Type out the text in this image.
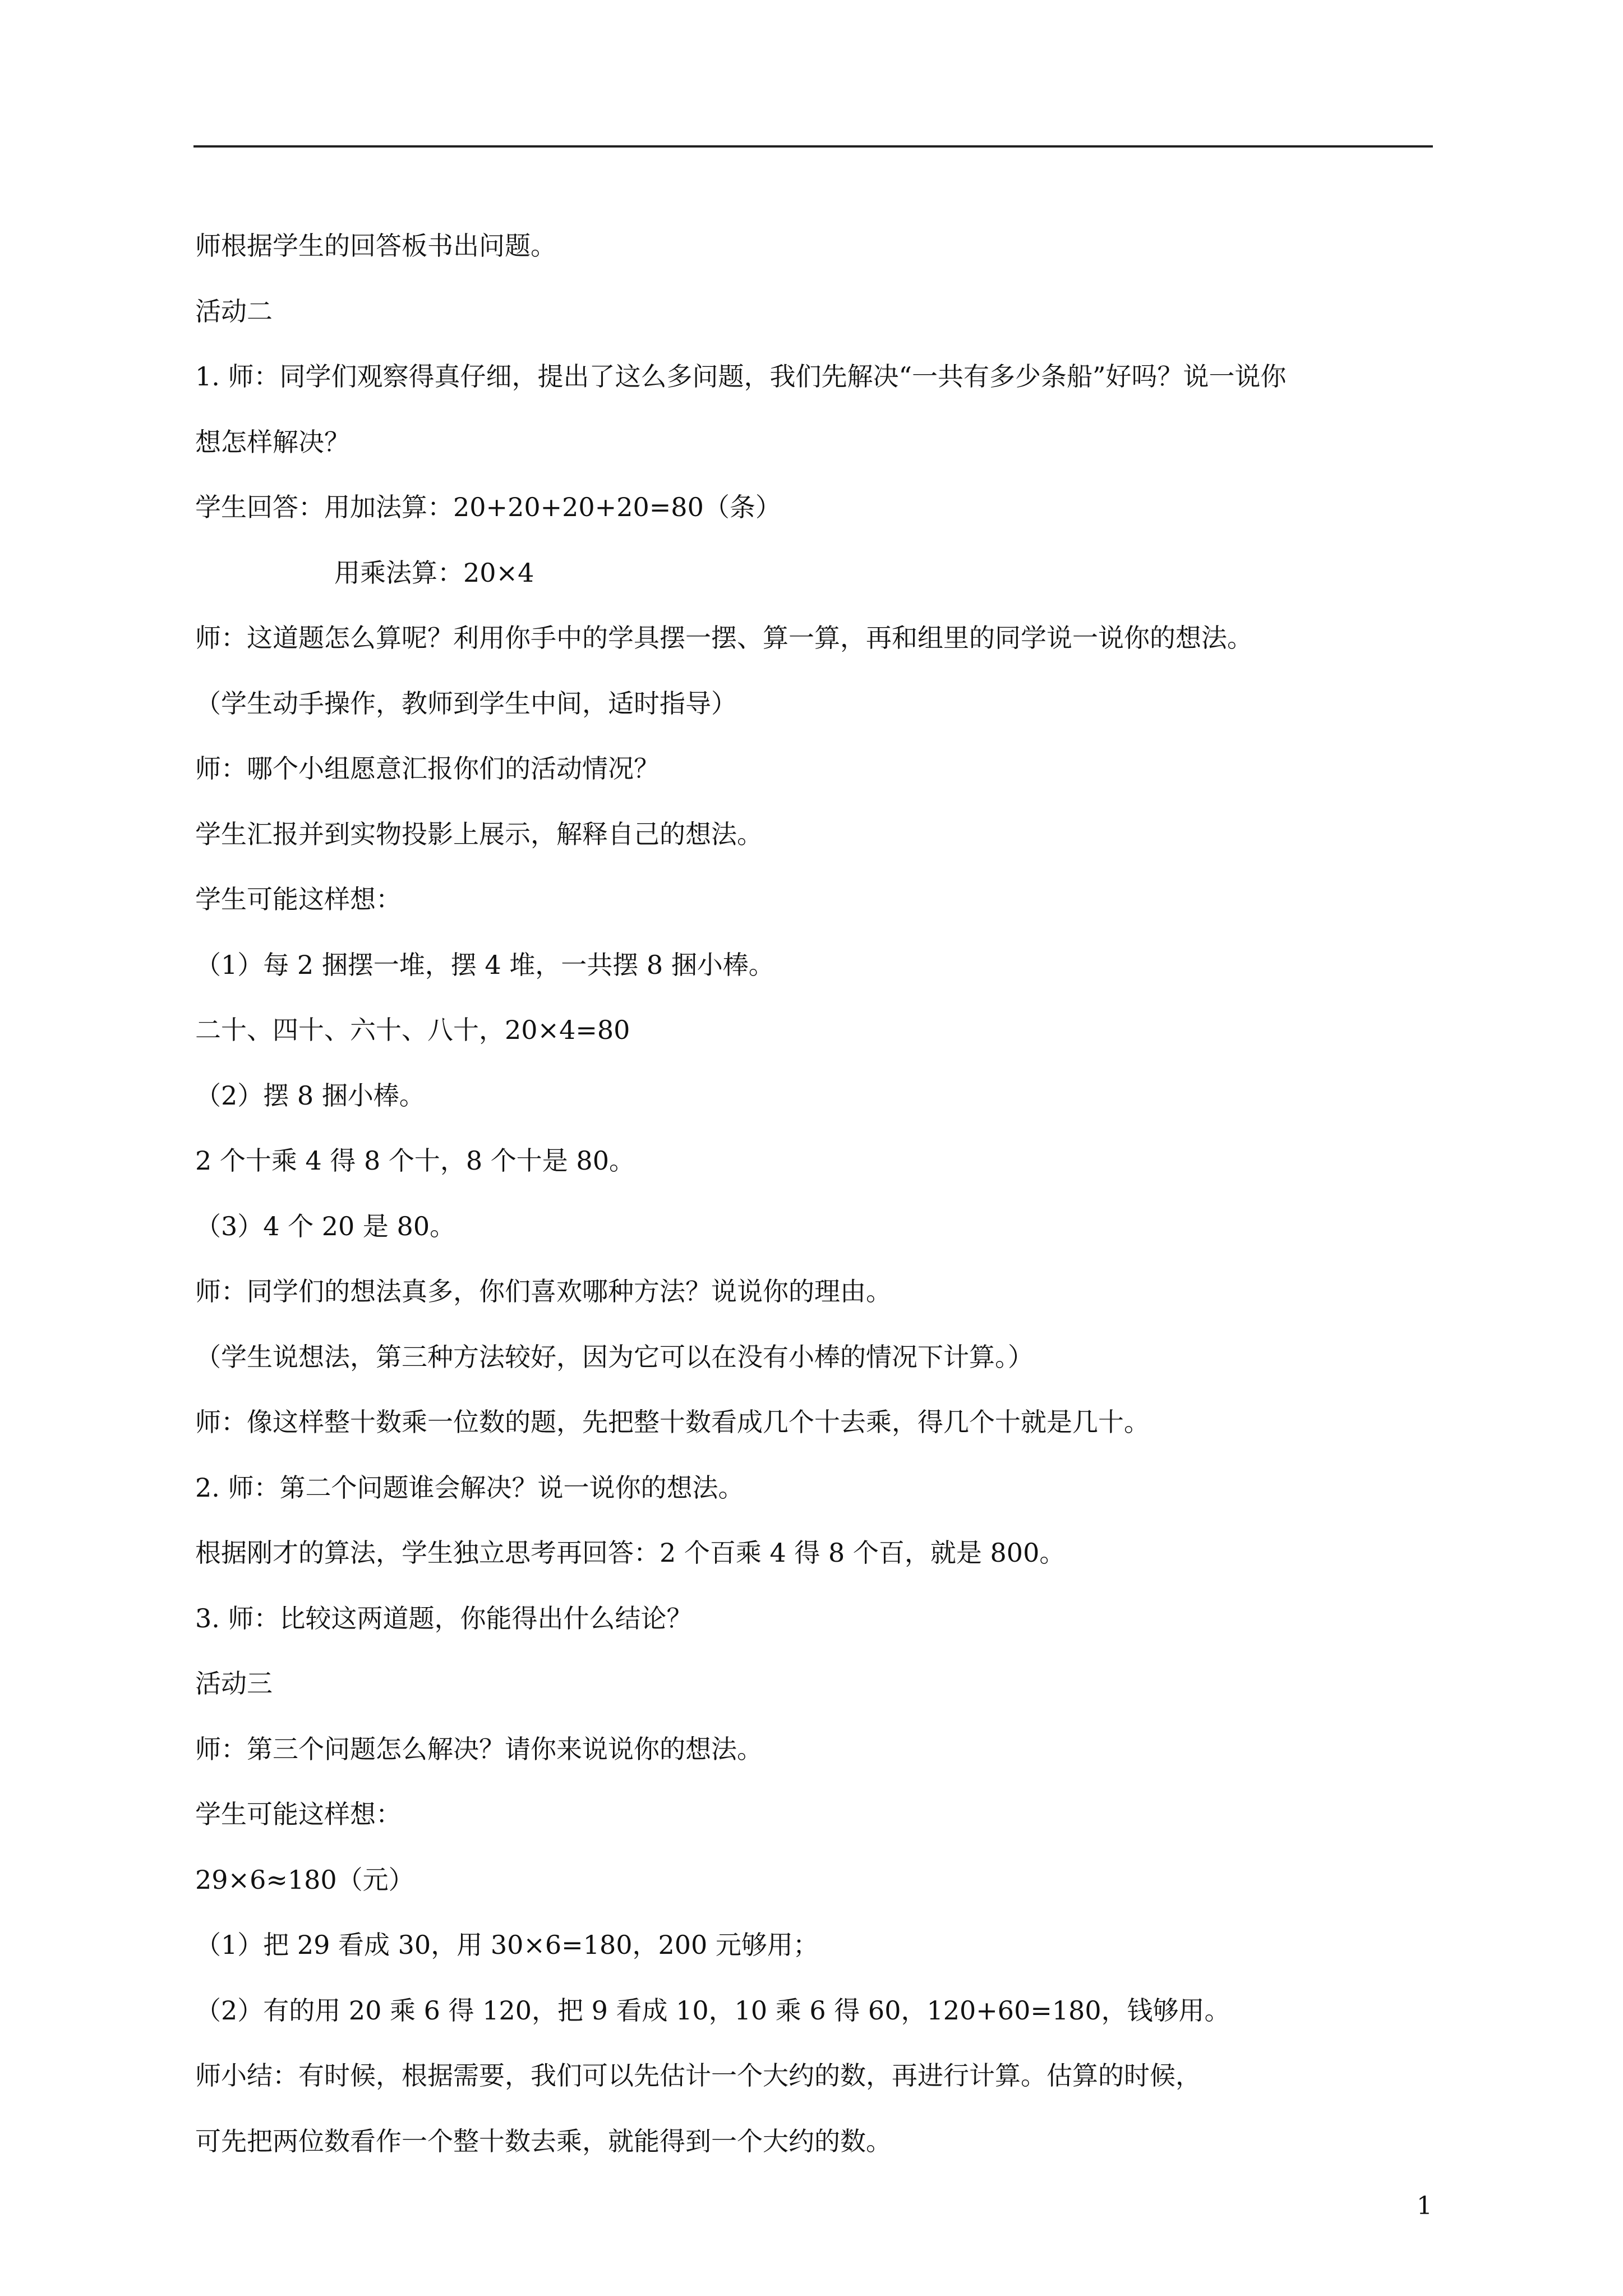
师根据学生的回答板书出问题。

活动二

1. 师：同学们观察得真仔细，提出了这么多问题，我们先解决“一共有多少条船”好吗？说一说你

想怎样解决？

学生回答：用加法算：20+20+20+20=80（条）

用乘法算：20×4

师：这道题怎么算呢？利用你手中的学具摆一摆、算一算，再和组里的同学说一说你的想法。

（学生动手操作，教师到学生中间，适时指导）

师：哪个小组愿意汇报你们的活动情况？

学生汇报并到实物投影上展示，解释自己的想法。

学生可能这样想：

（1）每 2 捆摆一堆，摆 4 堆，一共摆 8 捆小棒。

二十、四十、六十、八十，20×4=80

（2）摆 8 捆小棒。

2 个十乘 4 得 8 个十，8 个十是 80。

（3）4 个 20 是 80。

师：同学们的想法真多，你们喜欢哪种方法？说说你的理由。

（学生说想法，第三种方法较好，因为它可以在没有小棒的情况下计算。）

师：像这样整十数乘一位数的题，先把整十数看成几个十去乘，得几个十就是几十。

2. 师：第二个问题谁会解决？说一说你的想法。

根据刚才的算法，学生独立思考再回答：2 个百乘 4 得 8 个百，就是 800。

3. 师：比较这两道题，你能得出什么结论？

活动三

师：第三个问题怎么解决？请你来说说你的想法。

学生可能这样想：

29×6≈180（元）

（1）把 29 看成 30，用 30×6=180，200 元够用；

（2）有的用 20 乘 6 得 120，把 9 看成 10，10 乘 6 得 60，120+60=180，钱够用。

师小结：有时候，根据需要，我们可以先估计一个大约的数，再进行计算。估算的时候，

可先把两位数看作一个整十数去乘，就能得到一个大约的数。

1
